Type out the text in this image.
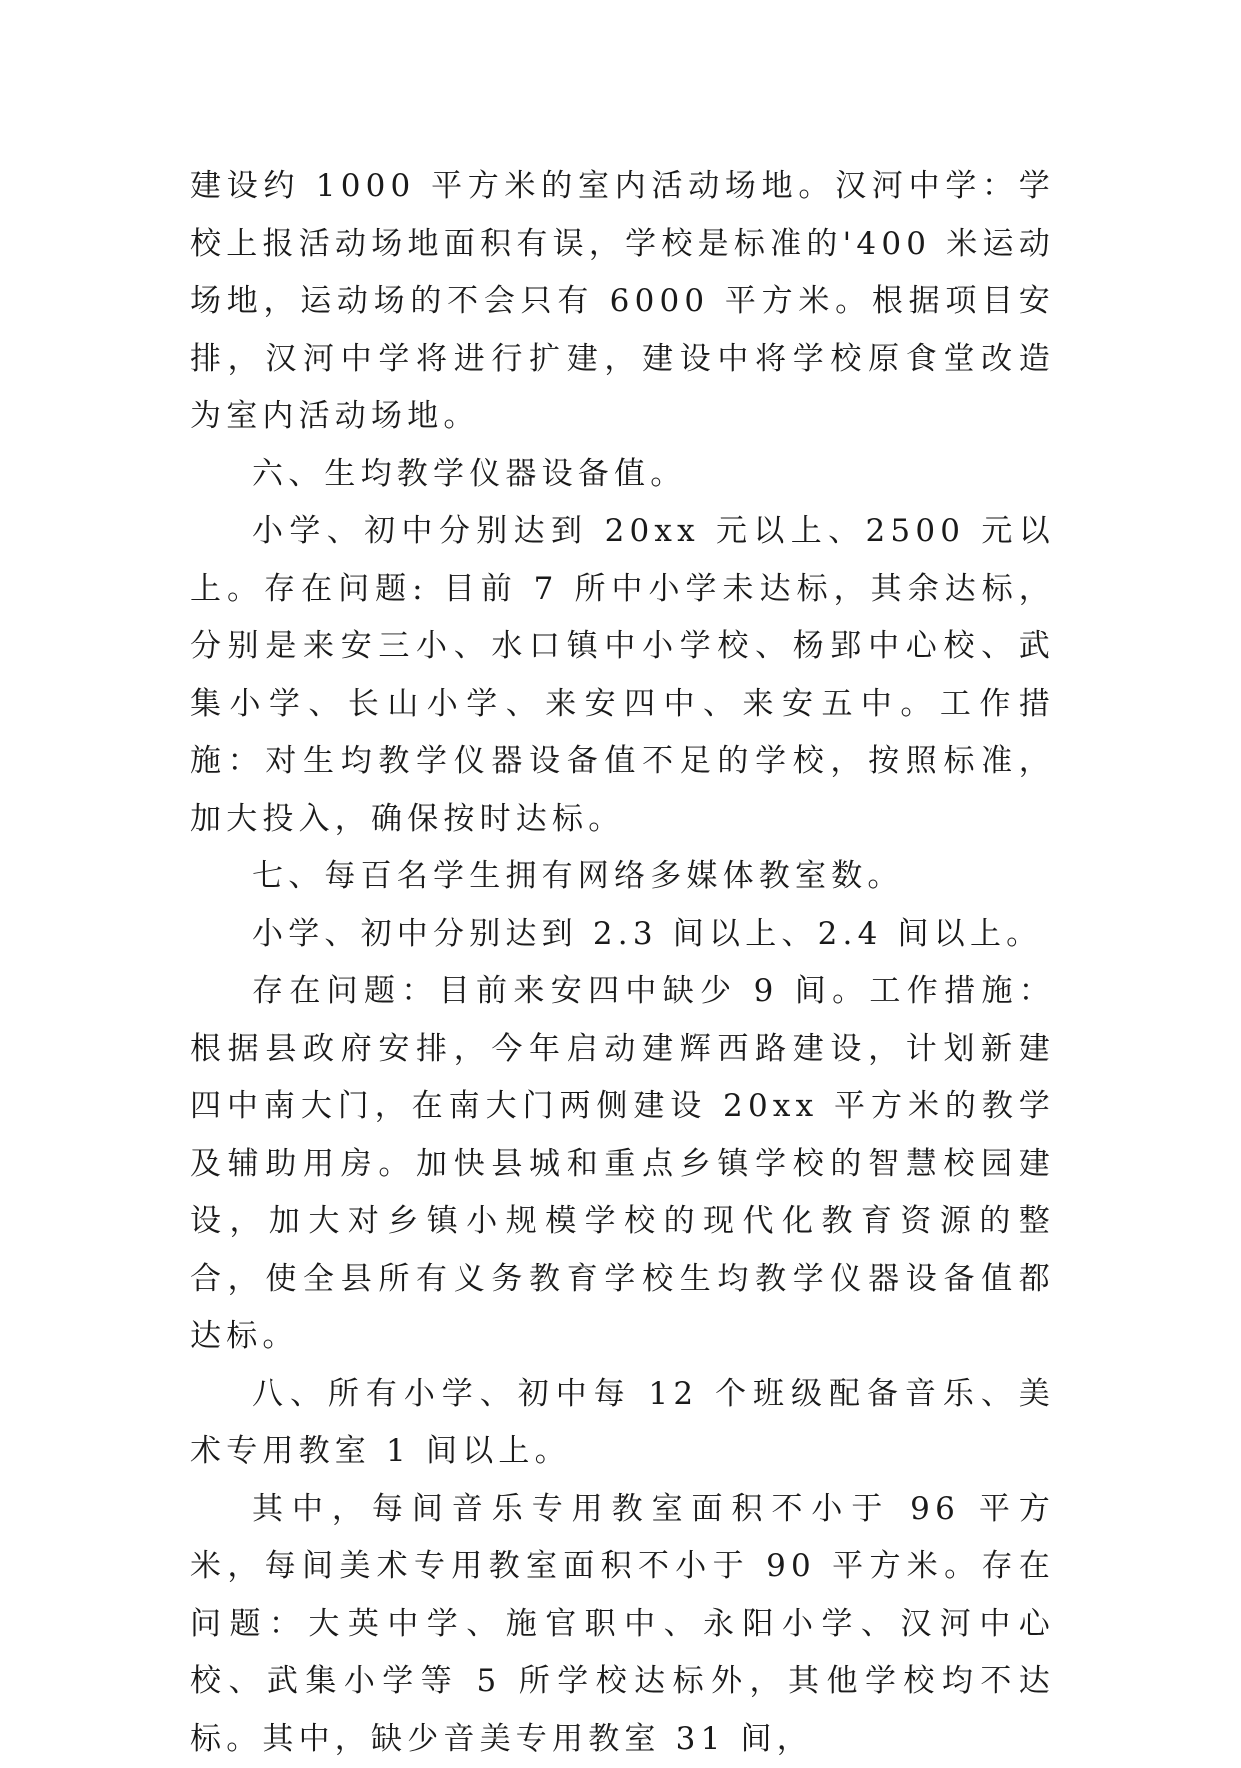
建设约 1000 平方米的室内活动场地。汉河中学：学校上报活动场地面积有误，学校是标准的'400 米运动场地，运动场的不会只有 6000 平方米。根据项目安排，汉河中学将进行扩建，建设中将学校原食堂改造为室内活动场地。

六、生均教学仪器设备值。

小学、初中分别达到 20xx 元以上、2500 元以上。存在问题: 目前 7 所中小学未达标，其余达标，分别是来安三小、水口镇中小学校、杨郢中心校、武集小学、长山小学、来安四中、来安五中。工作措施：对生均教学仪器设备值不足的学校，按照标准，加大投入，确保按时达标。

七、每百名学生拥有网络多媒体教室数。

小学、初中分别达到 2.3 间以上、2.4 间以上。

存在问题：目前来安四中缺少 9 间。工作措施：根据县政府安排，今年启动建辉西路建设，计划新建四中南大门，在南大门两侧建设 20xx 平方米的教学及辅助用房。加快县城和重点乡镇学校的智慧校园建设，加大对乡镇小规模学校的现代化教育资源的整合，使全县所有义务教育学校生均教学仪器设备值都达标。

八、所有小学、初中每 12 个班级配备音乐、美术专用教室 1 间以上。

其中，每间音乐专用教室面积不小于 96 平方米，每间美术专用教室面积不小于 90 平方米。存在问题：大英中学、施官职中、永阳小学、汉河中心校、武集小学等 5 所学校达标外，其他学校均不达标。其中，缺少音美专用教室 31 间，
